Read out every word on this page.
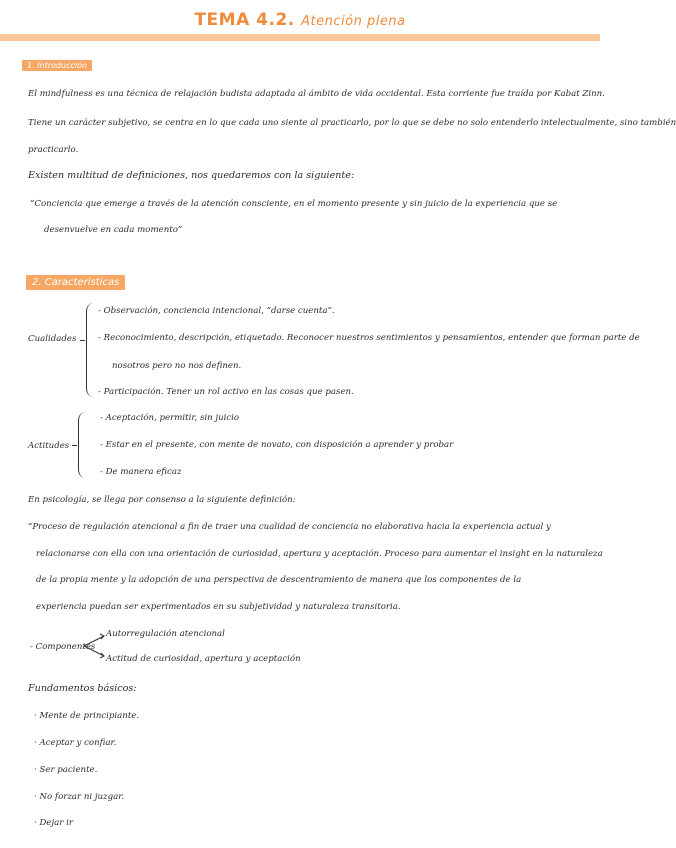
TEMA 4.2. Atención plena
1. Introducción
El mindfulness es una técnica de relajación budista adaptada al ámbito de vida occidental. Esta corriente fue traída por Kabat Zinn.
Tiene un carácter subjetivo, se centra en lo que cada uno siente al practicarlo, por lo que se debe no solo entenderlo intelectualmente, sino también
practicarlo.
Existen multitud de definiciones, nos quedaremos con la siguiente:
“Conciencia que emerge a través de la atención consciente, en el momento presente y sin juicio de la experiencia que se
desenvuelve en cada momento”
2. Características
Cualidades
- Observación, conciencia intencional, “darse cuenta”.
- Reconocimiento, descripción, etiquetado. Reconocer nuestros sentimientos y pensamientos, entender que forman parte de
nosotros pero no nos definen.
- Participación. Tener un rol activo en las cosas que pasen.
Actitudes
- Aceptación, permitir, sin juicio
- Estar en el presente, con mente de novato, con disposición a aprender y probar
- De manera eficaz
En psicología, se llega por consenso a la siguiente definición:
“Proceso de regulación atencional a fin de traer una cualidad de conciencia no elaborativa hacia la experiencia actual y
relacionarse con ella con una orientación de curiosidad, apertura y aceptación. Proceso para aumentar el insight en la naturaleza
de la propia mente y la adopción de una perspectiva de descentramiento de manera que los componentes de la
experiencia puedan ser experimentados en su subjetividad y naturaleza transitoria.
- Componentes
Autorregulación atencional
Actitud de curiosidad, apertura y aceptación
Fundamentos básicos:
· Mente de principiante.
· Aceptar y confiar.
· Ser paciente.
· No forzar ni juzgar.
· Dejar ir
